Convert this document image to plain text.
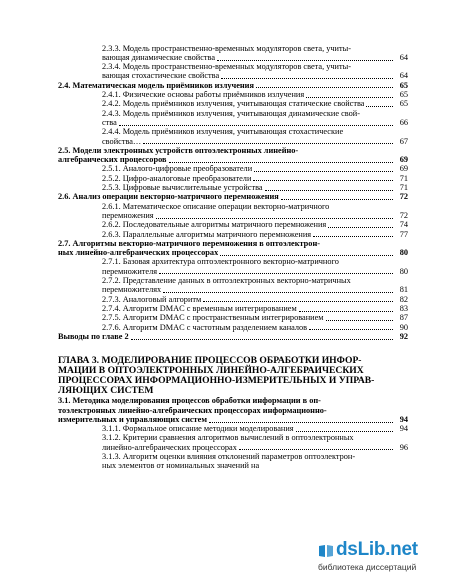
2.3.3. Модель пространственно-временных модуляторов света, учиты-
вающая динамические свойства	64
2.3.4. Модель пространственно-временных модуляторов света, учиты-
вающая стохастические свойства	64
2.4. Математическая модель приёмников излучения	65
2.4.1. Физические основы работы приёмников излучения	65
2.4.2. Модель приёмников излучения, учитывающая статические свойства	65
2.4.3. Модель приёмников излучения, учитывающая динамические свой-
ства	66
2.4.4. Модель приёмников излучения, учитывающая стохастические
свойства…	67
2.5. Модели электронных устройств оптоэлектронных линейно-
алгебраических процессоров	69
2.5.1. Аналого-цифровые преобразователи	69
2.5.2. Цифро-аналоговые преобразователи	71
2.5.3. Цифровые вычислительные устройства	71
2.6. Анализ операции векторно-матричного перемножения	72
2.6.1. Математическое описание операции векторно-матричного
перемножения	72
2.6.2. Последовательные алгоритмы матричного перемножения	74
2.6.3. Параллельные алгоритмы матричного перемножения	77
2.7. Алгоритмы векторно-матричного перемножения в оптоэлектрон-
ных линейно-алгебраических процессорах	80
2.7.1. Базовая архитектура оптоэлектронного векторно-матричного
перемножителя	80
2.7.2. Представление данных в оптоэлектронных векторно-матричных
перемножителях	81
2.7.3. Аналоговый алгоритм	82
2.7.4. Алгоритм DMAC с временным интегрированием	83
2.7.5. Алгоритм DMAC с пространственным интегрированием	87
2.7.6. Алгоритм DMAC с частотным разделением каналов	90
Выводы по главе 2	92
ГЛАВА 3. МОДЕЛИРОВАНИЕ ПРОЦЕССОВ ОБРАБОТКИ ИНФОР-
МАЦИИ В ОПТОЭЛЕКТРОННЫХ ЛИНЕЙНО-АЛГЕБРАИЧЕСКИХ
ПРОЦЕССОРАХ ИНФОРМАЦИОННО-ИЗМЕРИТЕЛЬНЫХ И УПРАВ-
ЛЯЮЩИХ СИСТЕМ
3.1. Методика моделирования процессов обработки информации в оп-
тоэлектронных линейно-алгебраических процессорах информационно-
измерительных и управляющих систем	94
3.1.1. Формальное описание методики моделирования	94
3.1.2. Критерии сравнения алгоритмов вычислений в оптоэлектронных
линейно-алгебраических процессорах	96
3.1.3. Алгоритм оценки влияния отклонений параметров оптоэлектрон-
ных элементов от номинальных значений на
dsLib.net
библиотека диссертаций
